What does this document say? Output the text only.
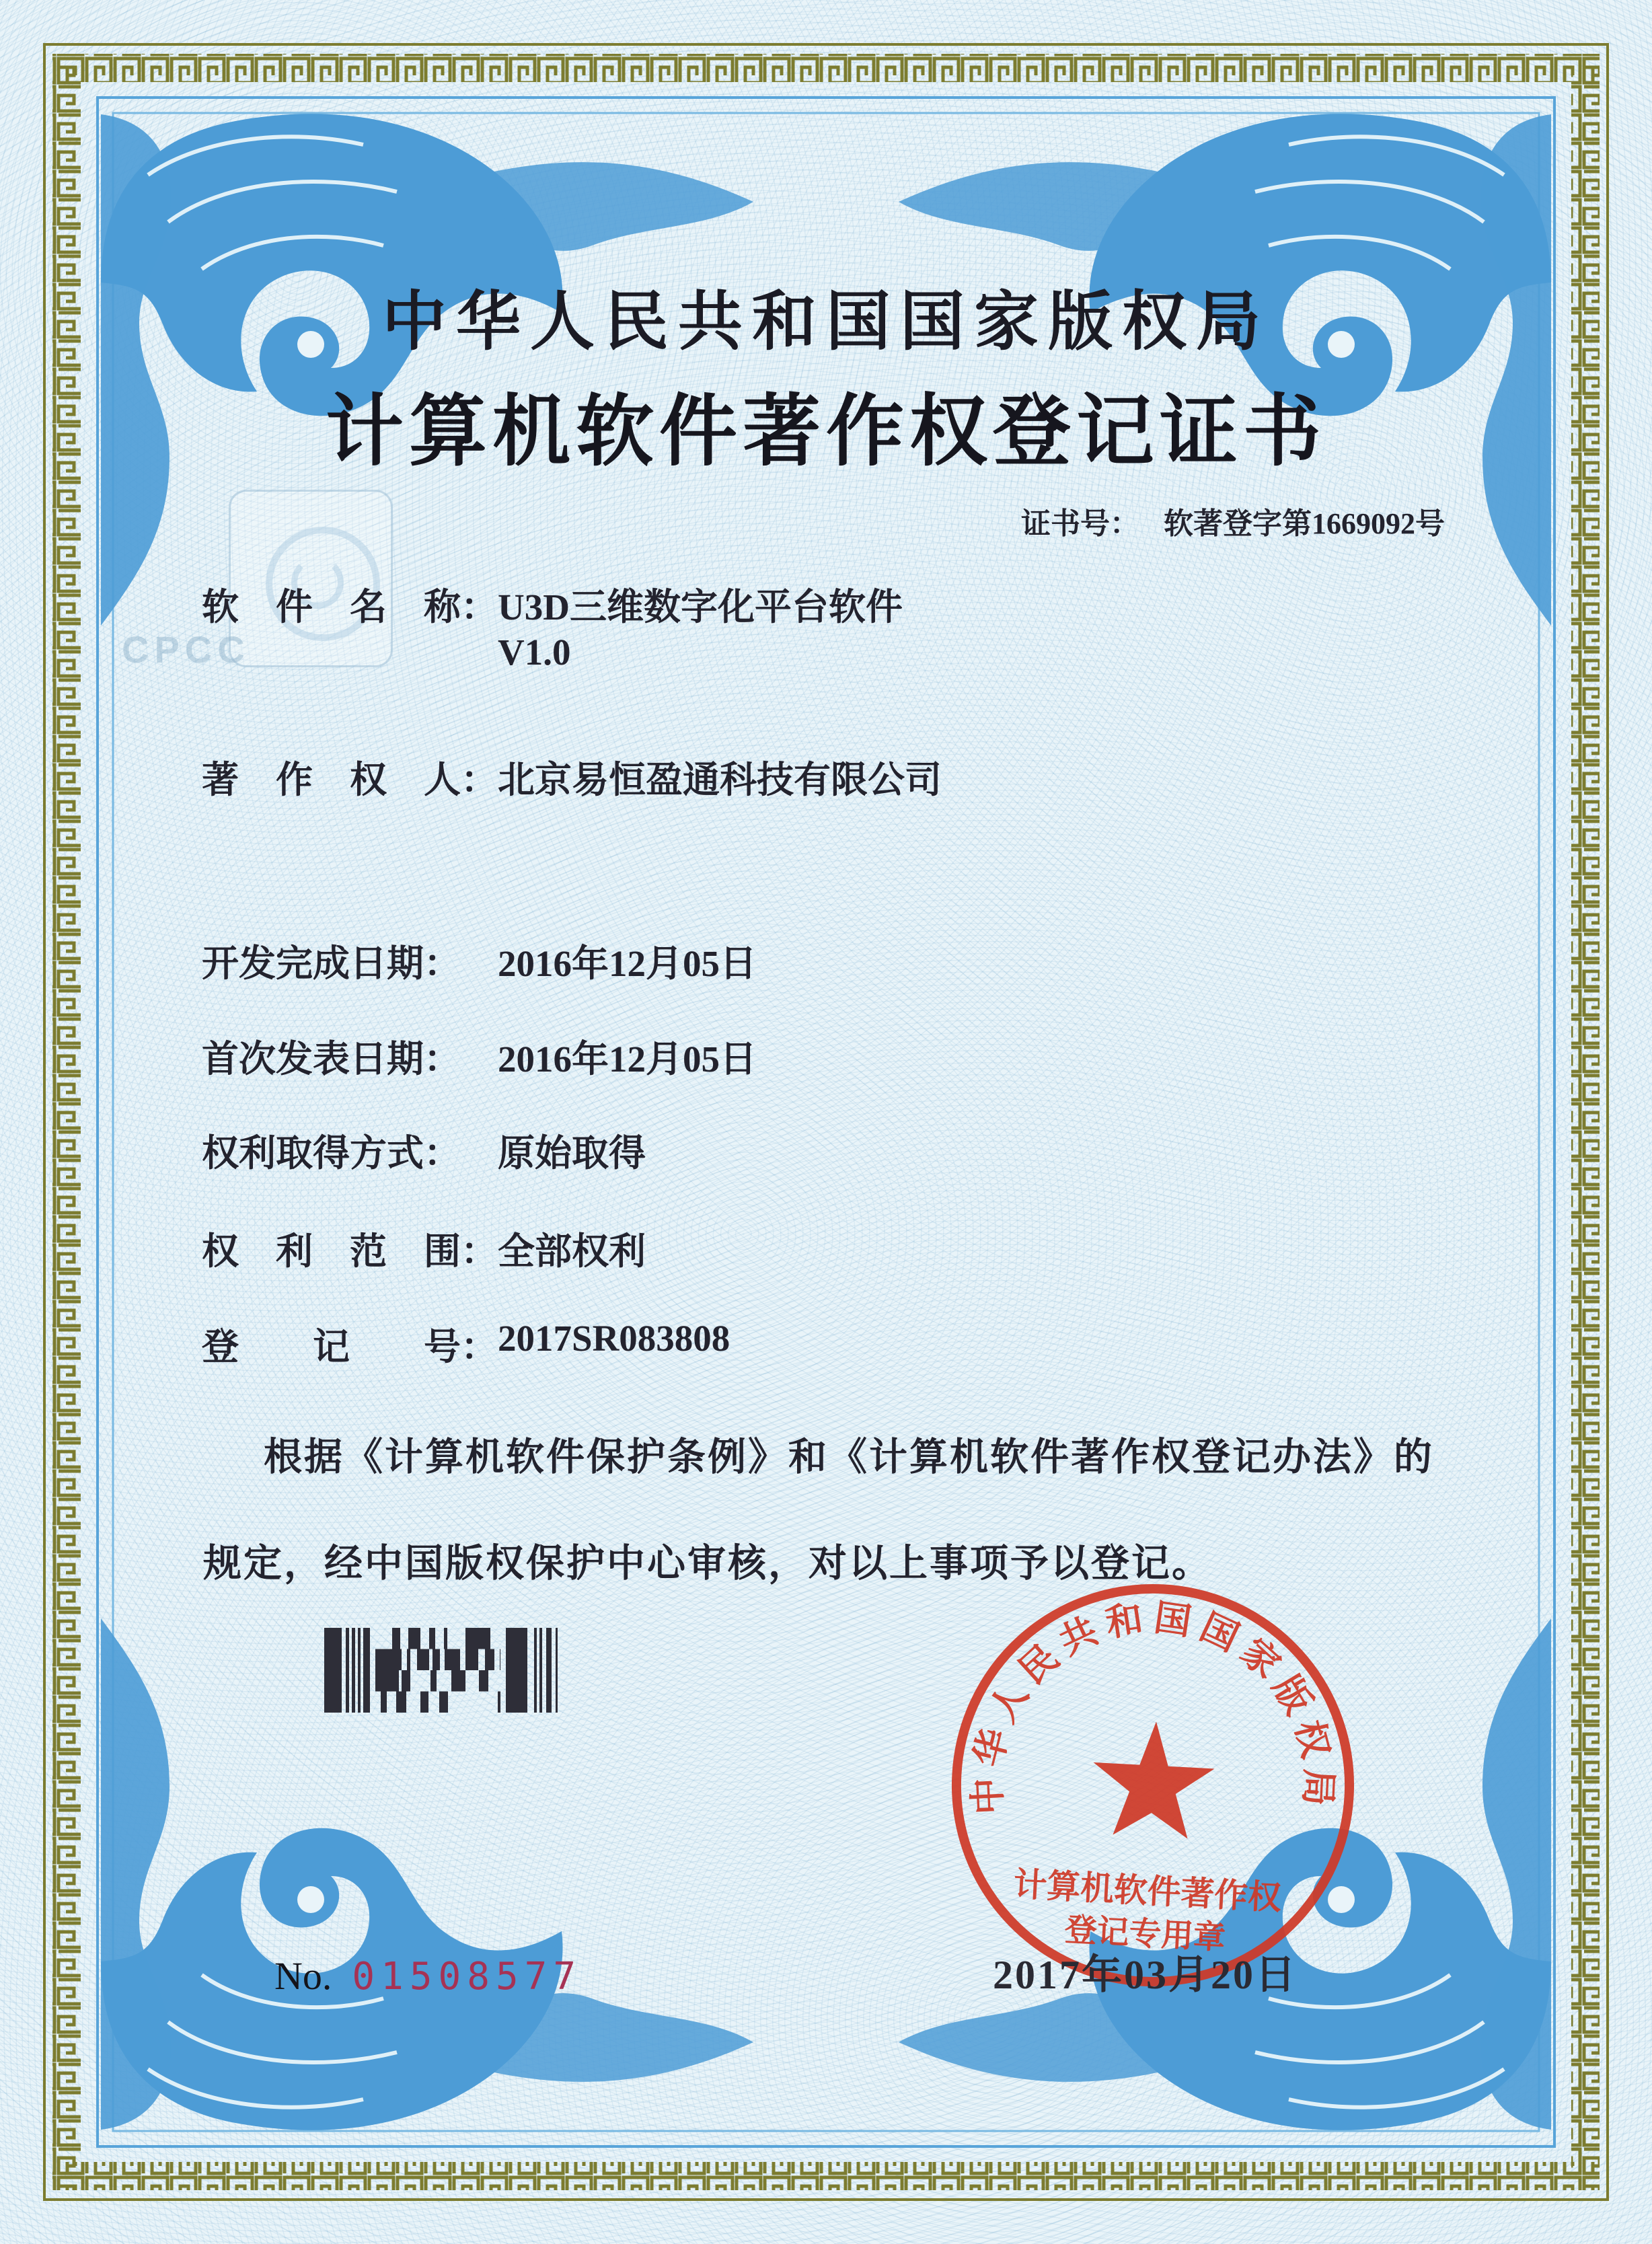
CPCC
中华人民共和国国家版权局
计算机软件著作权登记证书
证书号： 软著登字第1669092号
软　件　名　称： U3D三维数字化平台软件
V1.0
著　作　权　人： 北京易恒盈通科技有限公司
开发完成日期： 2016年12月05日
首次发表日期： 2016年12月05日
权利取得方式： 原始取得
权　利　范　围： 全部权利
登　　记　　号： 2017SR083808

根据《计算机软件保护条例》和《计算机软件著作权登记办法》的

规定，经中国版权保护中心审核，对以上事项予以登记。

中华人民共和国国家版权局
计算机软件著作权
登记专用章
2017年03月20日
No. 01508577
